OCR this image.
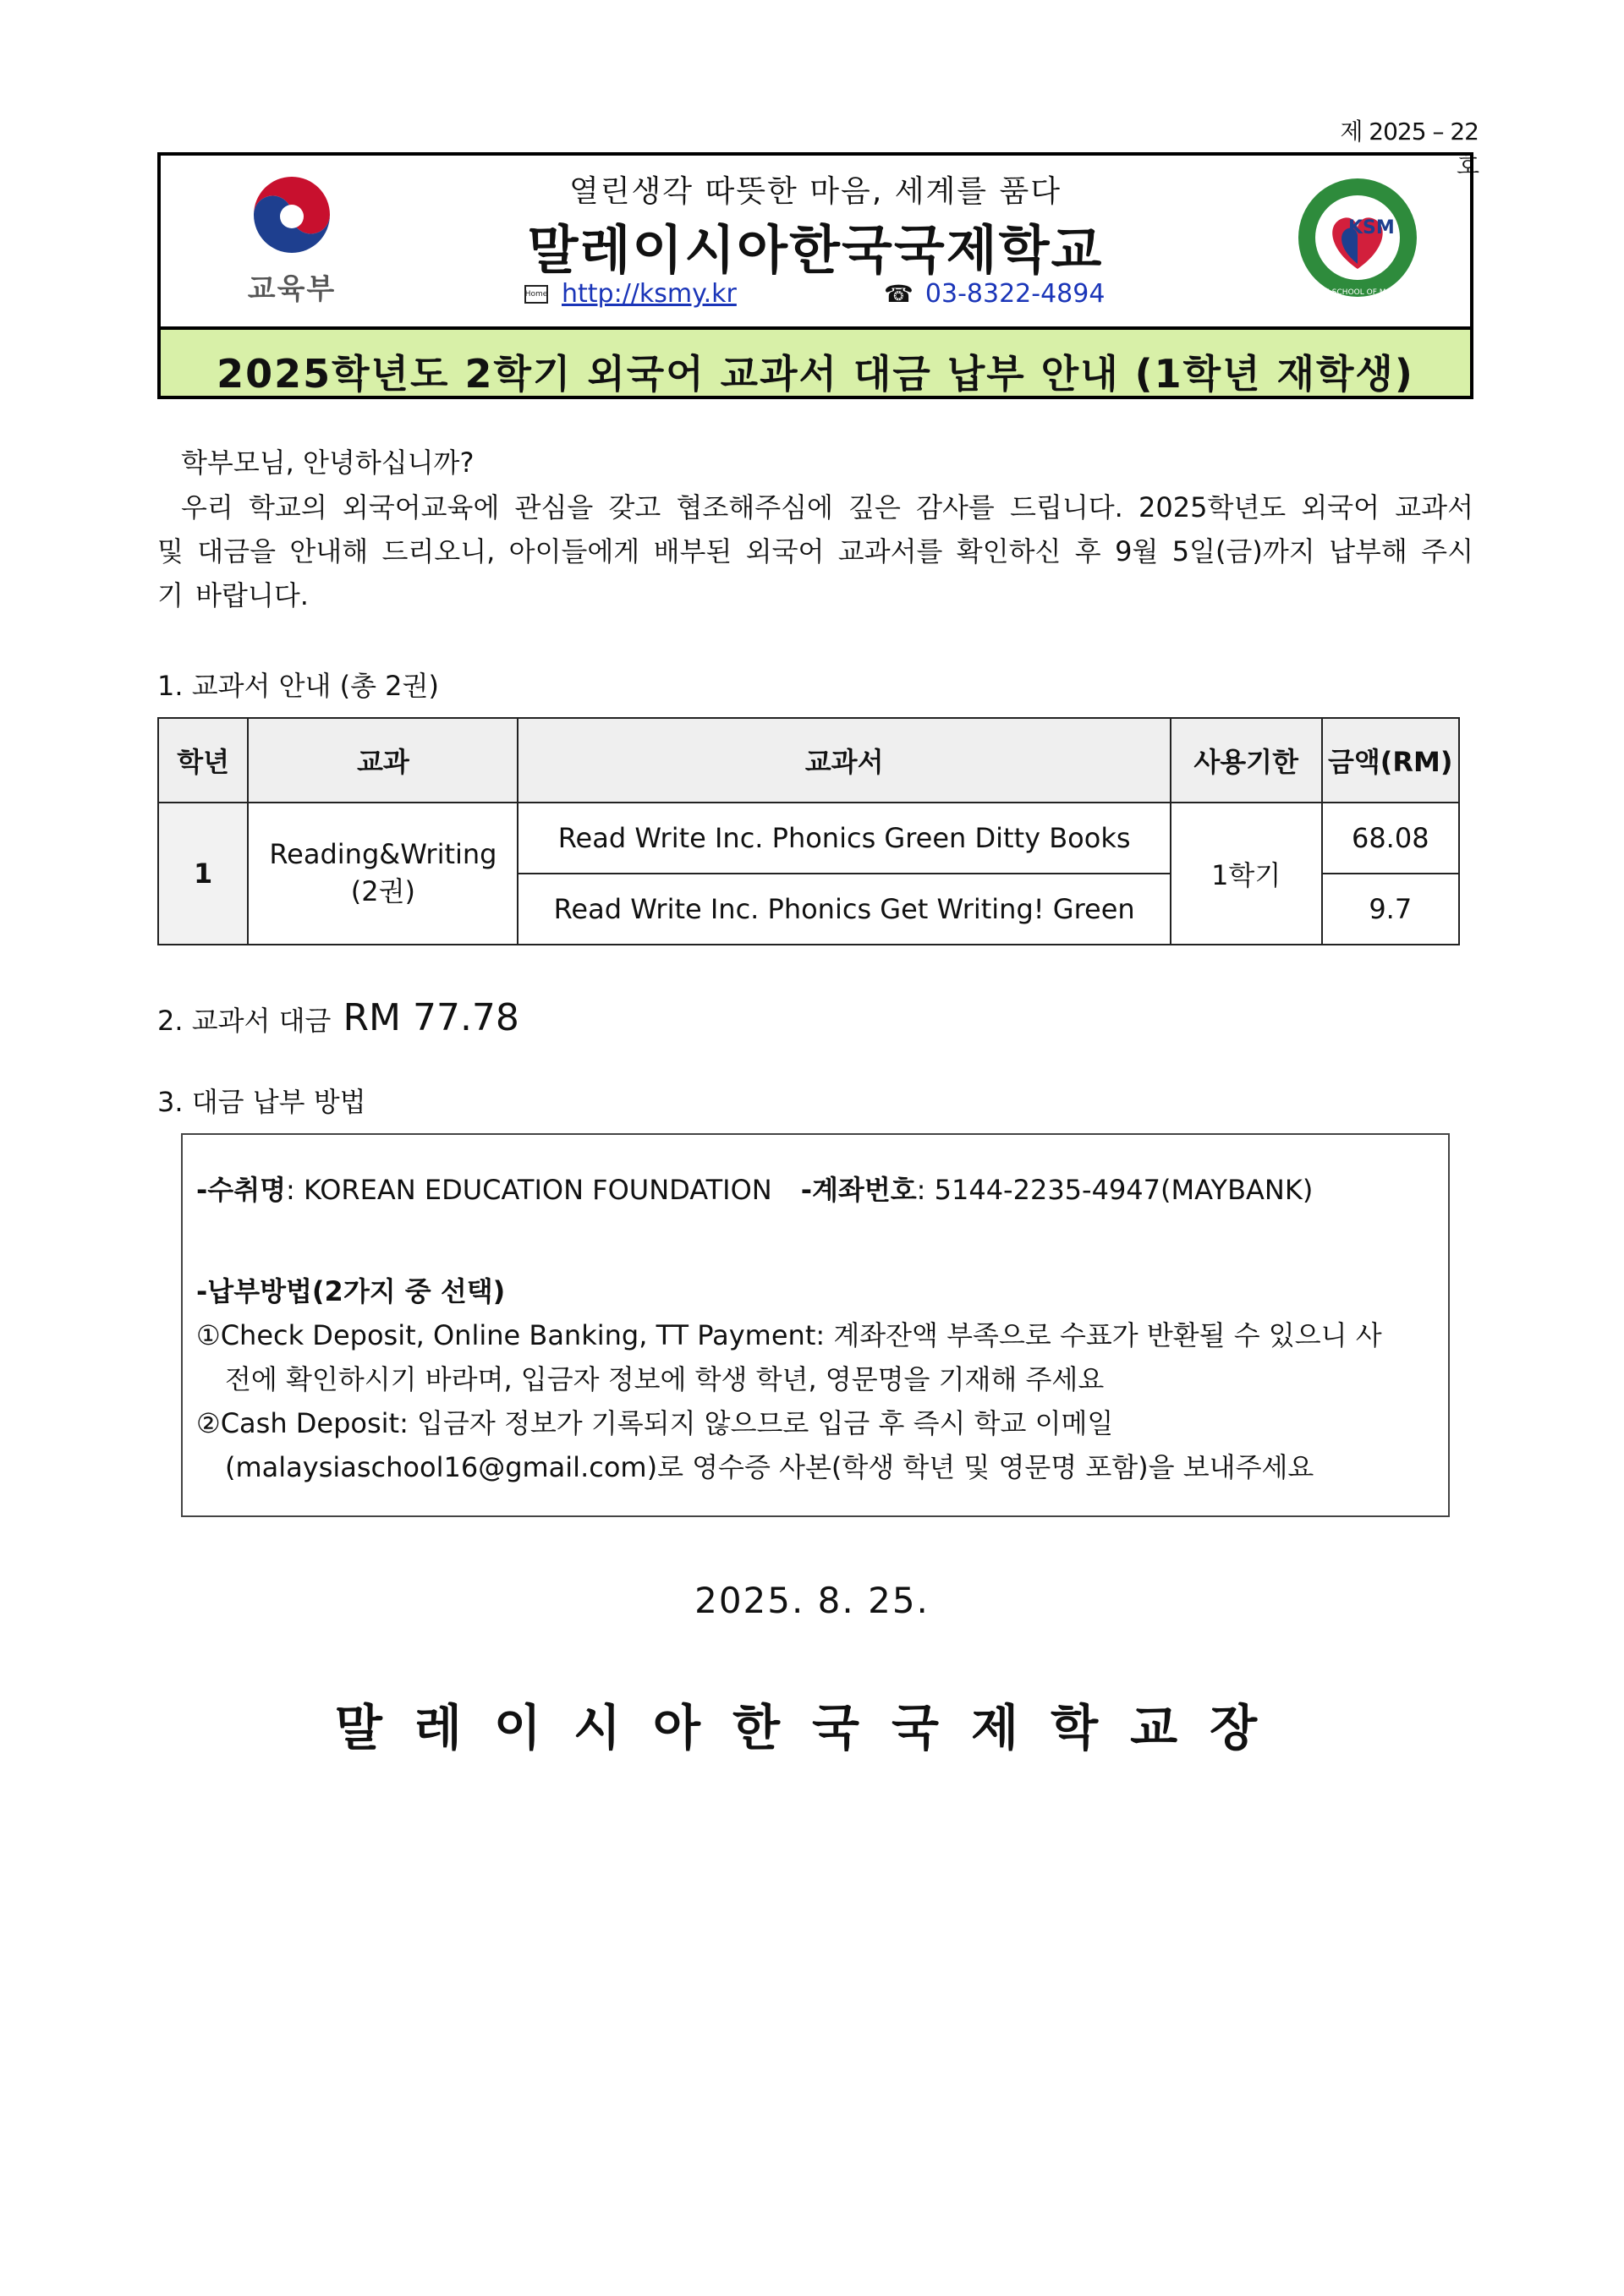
제 2025 – 22호
교육부
열린생각 따뜻한 마음, 세계를 품다
말레이시아한국국제학교
Home http://ksmy.kr	☎ 03-8322-4894
KSM
KOREAN SCHOOL OF MALAYSIA
2025학년도 2학기 외국어 교과서 대금 납부 안내 (1학년 재학생)
학부모님, 안녕하십니까?
우리 학교의 외국어교육에 관심을 갖고 협조해주심에 깊은 감사를 드립니다. 2025학년도 외국어 교과서 및 대금을 안내해 드리오니, 아이들에게 배부된 외국어 교과서를 확인하신 후 9월 5일(금)까지 납부해 주시기 바랍니다.
1. 교과서 안내 (총 2권)
학년	교과	교과서	사용기한	금액(RM)
1	Reading&Writing (2권)	Read Write Inc. Phonics Green Ditty Books	1학기	68.08
		Read Write Inc. Phonics Get Writing! Green		9.7
2. 교과서 대금 RM 77.78
3. 대금 납부 방법
-수취명: KOREAN EDUCATION FOUNDATION -계좌번호: 5144-2235-4947(MAYBANK)
-납부방법(2가지 중 선택)
①Check Deposit, Online Banking, TT Payment: 계좌잔액 부족으로 수표가 반환될 수 있으니 사
전에 확인하시기 바라며, 입금자 정보에 학생 학년, 영문명을 기재해 주세요
②Cash Deposit: 입금자 정보가 기록되지 않으므로 입금 후 즉시 학교 이메일
(malaysiaschool16@gmail.com)로 영수증 사본(학생 학년 및 영문명 포함)을 보내주세요
2025. 8. 25.
말레이시아한국국제학교장
